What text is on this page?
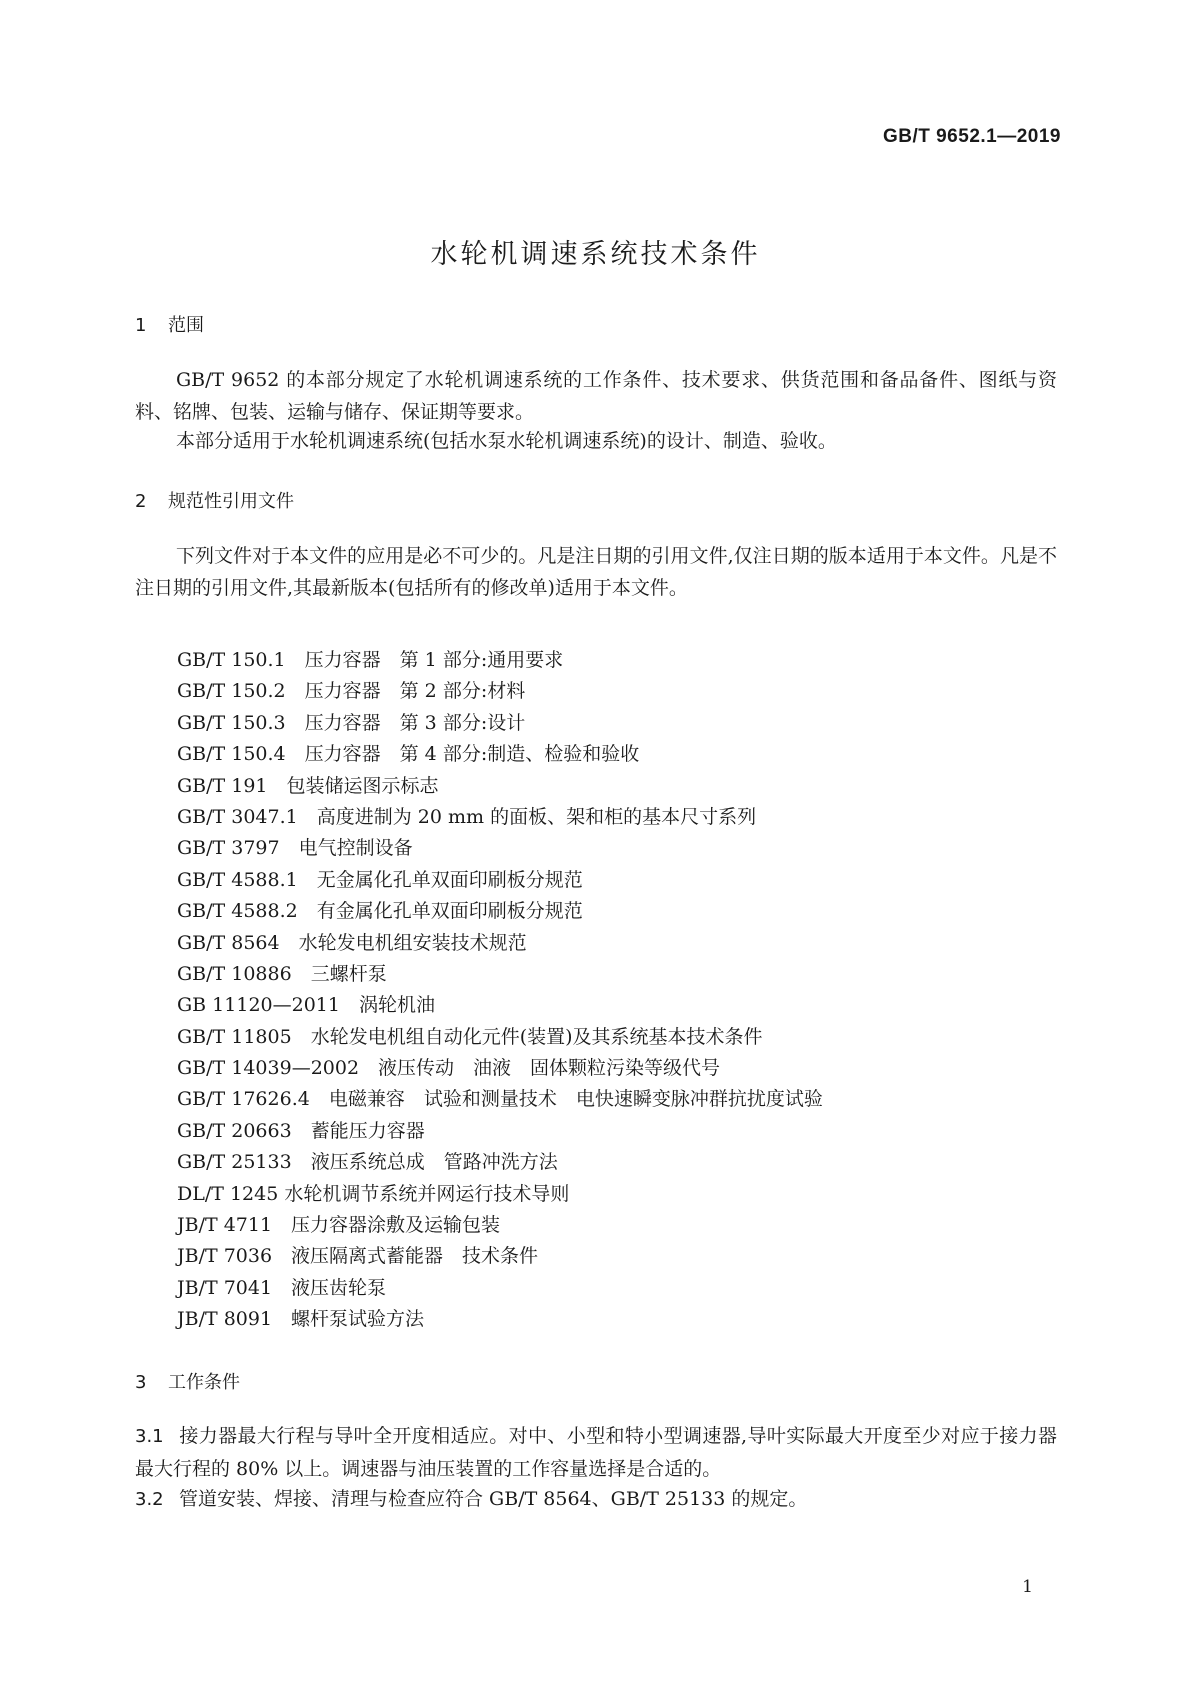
GB/T 9652.1—2019
水轮机调速系统技术条件
1 范围

GB/T 9652 的本部分规定了水轮机调速系统的工作条件、技术要求、供货范围和备品备件、图纸与资料、铭牌、包装、运输与储存、保证期等要求。

本部分适用于水轮机调速系统(包括水泵水轮机调速系统)的设计、制造、验收。

2 规范性引用文件

下列文件对于本文件的应用是必不可少的。凡是注日期的引用文件,仅注日期的版本适用于本文件。凡是不注日期的引用文件,其最新版本(包括所有的修改单)适用于本文件。

GB/T 150.1　压力容器　第 1 部分:通用要求
GB/T 150.2　压力容器　第 2 部分:材料
GB/T 150.3　压力容器　第 3 部分:设计
GB/T 150.4　压力容器　第 4 部分:制造、检验和验收
GB/T 191　包装储运图示标志
GB/T 3047.1　高度进制为 20 mm 的面板、架和柜的基本尺寸系列
GB/T 3797　电气控制设备
GB/T 4588.1　无金属化孔单双面印刷板分规范
GB/T 4588.2　有金属化孔单双面印刷板分规范
GB/T 8564　水轮发电机组安装技术规范
GB/T 10886　三螺杆泵
GB 11120—2011　涡轮机油
GB/T 11805　水轮发电机组自动化元件(装置)及其系统基本技术条件
GB/T 14039—2002　液压传动　油液　固体颗粒污染等级代号
GB/T 17626.4　电磁兼容　试验和测量技术　电快速瞬变脉冲群抗扰度试验
GB/T 20663　蓄能压力容器
GB/T 25133　液压系统总成　管路冲洗方法
DL/T 1245 水轮机调节系统并网运行技术导则
JB/T 4711　压力容器涂敷及运输包装
JB/T 7036　液压隔离式蓄能器　技术条件
JB/T 7041　液压齿轮泵
JB/T 8091　螺杆泵试验方法
3 工作条件

3.1 接力器最大行程与导叶全开度相适应。对中、小型和特小型调速器,导叶实际最大开度至少对应于接力器最大行程的 80% 以上。调速器与油压装置的工作容量选择是合适的。

3.2 管道安装、焊接、清理与检查应符合 GB/T 8564、GB/T 25133 的规定。

1
